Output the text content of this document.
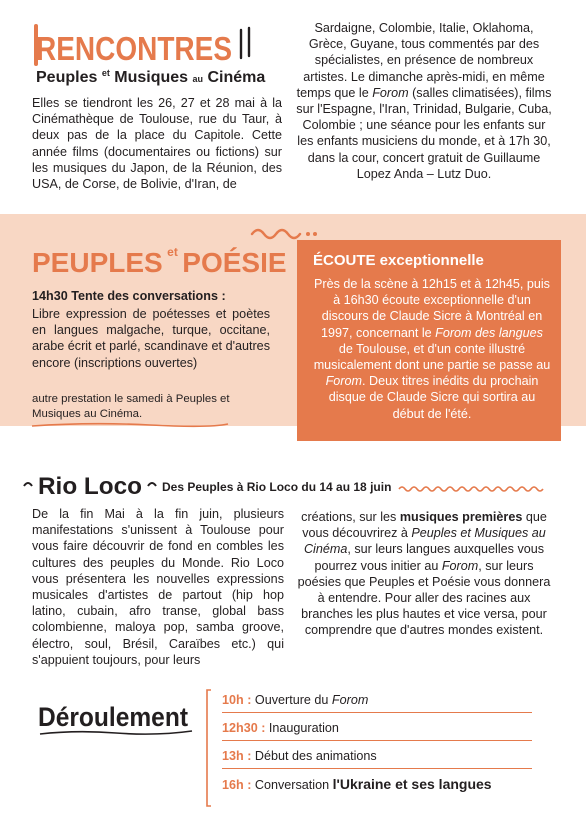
RENCONTRES
Peuples $^{et}$ Musiques au Cinéma
Elles se tiendront les 26, 27 et 28 mai à la Cinémathèque de Toulouse, rue du Taur, à deux pas de la place du Capitole. Cette année films (documentaires ou fictions) sur les musiques du Japon, de la Réunion, des USA, de Corse, de Bolivie, d'Iran, de
Sardaigne, Colombie, Italie, Oklahoma, Grèce, Guyane, tous commentés par des spécialistes, en présence de nombreux artistes. Le dimanche après-midi, en même temps que le Forom (salles climatisées), films sur l'Espagne, l'Iran, Trinidad, Bulgarie, Cuba, Colombie ; une séance pour les enfants sur les enfants musiciens du monde, et à 17h 30, dans la cour, concert gratuit de Guillaume Lopez Anda – Lutz Duo.
PEUPLES $^{et}$ POÉSIE
14h30 Tente des conversations :
Libre expression de poétesses et poètes en langues malgache, turque, occitane, arabe écrit et parlé, scandinave et d'autres encore (inscriptions ouvertes)
autre prestation le samedi à Peuples et Musiques au Cinéma.
ÉCOUTE exceptionnelle
Près de la scène à 12h15 et à 12h45, puis à 16h30 écoute exceptionnelle d'un discours de Claude Sicre à Montréal en 1997, concernant le Forom des langues de Toulouse, et d'un conte illustré musicalement dont une partie se passe au Forom. Deux titres inédits du prochain disque de Claude Sicre qui sortira au début de l'été.
Rio Loco Des Peuples à Rio Loco du 14 au 18 juin
De la fin Mai à la fin juin, plusieurs manifestations s'unissent à Toulouse pour vous faire découvrir de fond en combles les cultures des peuples du Monde. Rio Loco vous présentera les nouvelles expressions musicales d'artistes de partout (hip hop latino, cubain, afro transe, global bass colombienne, maloya pop, samba groove, électro, soul, Brésil, Caraïbes etc.) qui s'appuient toujours, pour leurs
créations, sur les musiques premières que vous découvrirez à Peuples et Musiques au Cinéma, sur leurs langues auxquelles vous pourrez vous initier au Forom, sur leurs poésies que Peuples et Poésie vous donnera à entendre. Pour aller des racines aux branches les plus hautes et vice versa, pour comprendre que d'autres mondes existent.
Déroulement
10h : Ouverture du Forom
12h30 : Inauguration
13h : Début des animations
16h : Conversation l'Ukraine et ses langues
